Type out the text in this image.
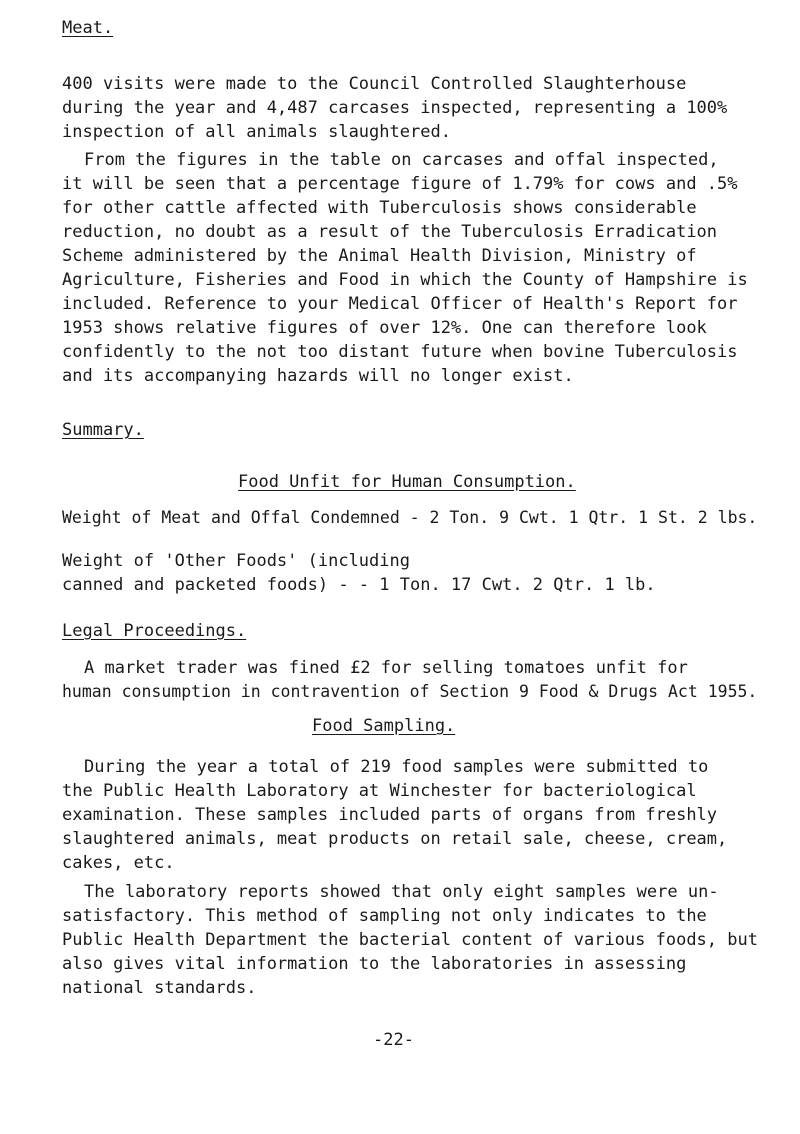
Meat.
400 visits were made to the Council Controlled Slaughterhouse
during the year and 4,487 carcases inspected, representing a 100%
inspection of all animals slaughtered.
From the figures in the table on carcases and offal inspected,
it will be seen that a percentage figure of 1.79% for cows and .5%
for other cattle affected with Tuberculosis shows considerable
reduction, no doubt as a result of the Tuberculosis Erradication
Scheme administered by the Animal Health Division, Ministry of
Agriculture, Fisheries and Food in which the County of Hampshire is
included. Reference to your Medical Officer of Health's Report for
1953 shows relative figures of over 12%. One can therefore look
confidently to the not too distant future when bovine Tuberculosis
and its accompanying hazards will no longer exist.
Summary.
Food Unfit for Human Consumption.
Weight of Meat and Offal Condemned - 2 Ton. 9 Cwt. 1 Qtr. 1 St. 2 lbs.
Weight of 'Other Foods' (including
canned and packeted foods) - - 1 Ton. 17 Cwt. 2 Qtr. 1 lb.
Legal Proceedings.
A market trader was fined £2 for selling tomatoes unfit for
human consumption in contravention of Section 9 Food & Drugs Act 1955.
Food Sampling.
During the year a total of 219 food samples were submitted to
the Public Health Laboratory at Winchester for bacteriological
examination. These samples included parts of organs from freshly
slaughtered animals, meat products on retail sale, cheese, cream,
cakes, etc.
The laboratory reports showed that only eight samples were un-
satisfactory. This method of sampling not only indicates to the
Public Health Department the bacterial content of various foods, but
also gives vital information to the laboratories in assessing
national standards.
-22-
